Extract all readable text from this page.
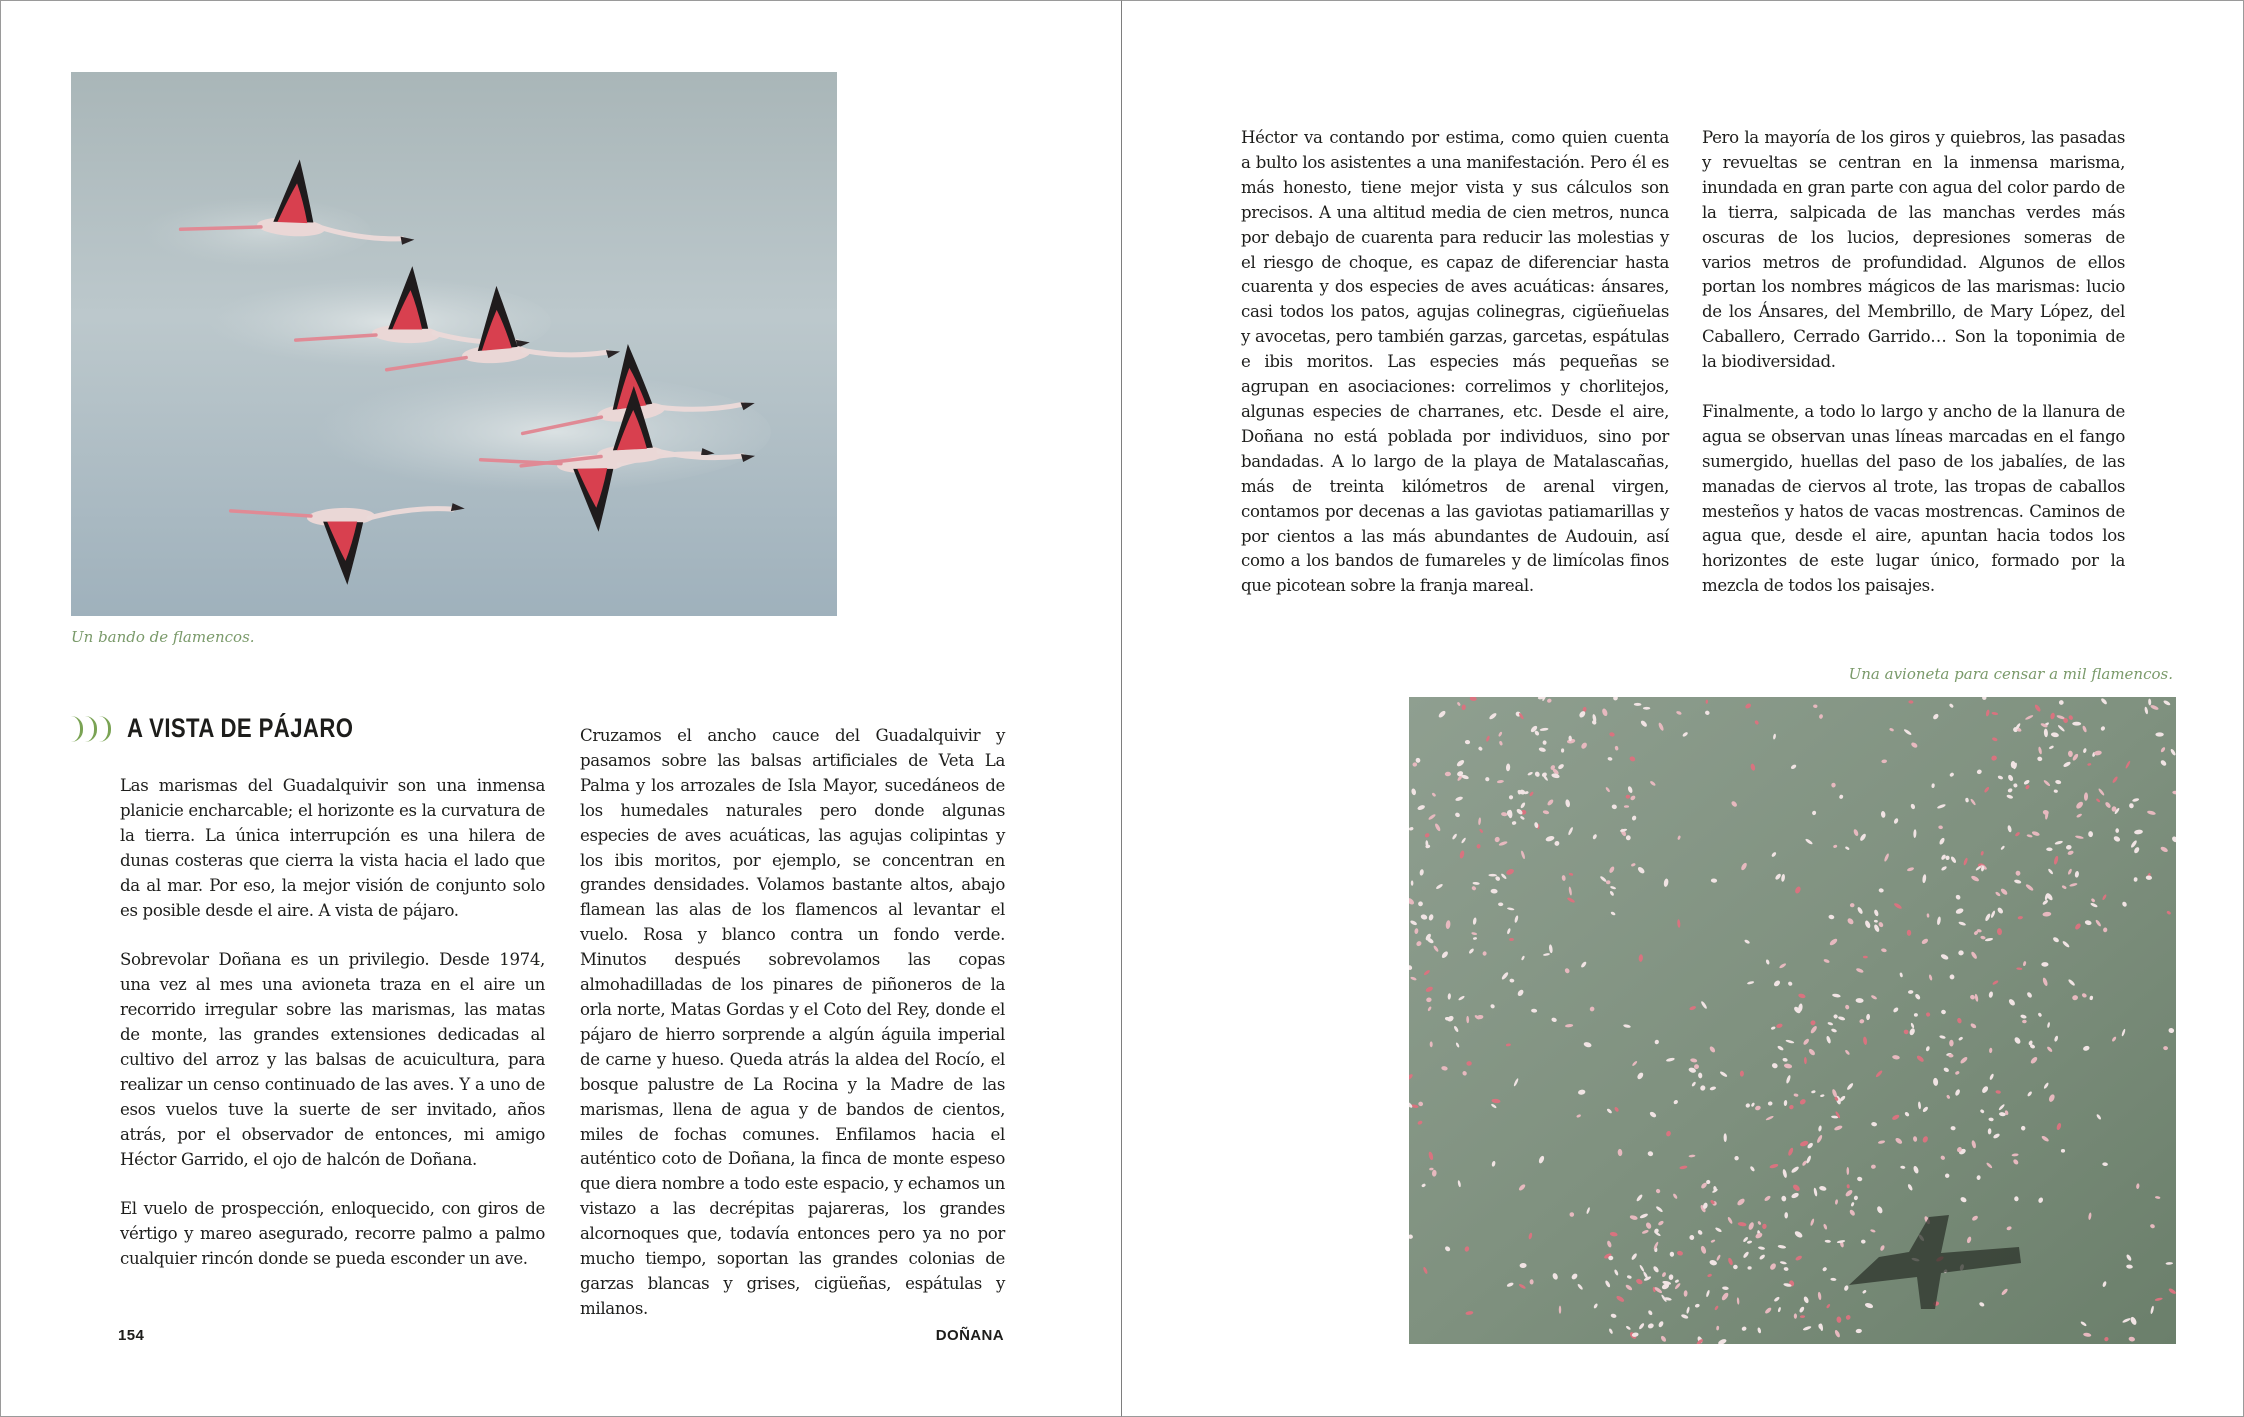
Un bando de flamencos.
A VISTA DE PÁJARO

Las marismas del Guadalquivir son una inmensa planicie encharcable; el horizonte es la curvatura de la tierra. La única interrupción es una hilera de dunas costeras que cierra la vista hacia el lado que da al mar. Por eso, la mejor visión de conjunto solo es posible desde el aire. A vista de pájaro.

Sobrevolar Doñana es un privilegio. Desde 1974, una vez al mes una avioneta traza en el aire un recorrido irregular sobre las marismas, las matas de monte, las grandes extensiones dedicadas al cultivo del arroz y las balsas de acuicultura, para realizar un censo continuado de las aves. Y a uno de esos vuelos tuve la suerte de ser invitado, años atrás, por el observador de entonces, mi amigo Héctor Garrido, el ojo de halcón de Doñana.

El vuelo de prospección, enloquecido, con giros de vértigo y mareo asegurado, recorre palmo a palmo cualquier rincón donde se pueda esconder un ave.

Cruzamos el ancho cauce del Guadalquivir y pasamos sobre las balsas artificiales de Veta La Palma y los arrozales de Isla Mayor, sucedáneos de los humedales naturales pero donde algunas especies de aves acuáticas, las agujas colipintas y los ibis moritos, por ejemplo, se concentran en grandes densidades. Volamos bastante altos, abajo flamean las alas de los flamencos al levantar el vuelo. Rosa y blanco contra un fondo verde. Minutos después sobrevolamos las copas almohadilladas de los pinares de piñoneros de la orla norte, Matas Gordas y el Coto del Rey, donde el pájaro de hierro sorprende a algún águila imperial de carne y hueso. Queda atrás la aldea del Rocío, el bosque palustre de La Rocina y la Madre de las marismas, llena de agua y de bandos de cientos, miles de fochas comunes. Enfilamos hacia el auténtico coto de Doñana, la finca de monte espeso que diera nombre a todo este espacio, y echamos un vistazo a las decrépitas pajareras, los grandes alcornoques que, todavía entonces pero ya no por mucho tiempo, soportan las grandes colonias de garzas blancas y grises, cigüeñas, espátulas y milanos.

154	DOÑANA

Héctor va contando por estima, como quien cuenta a bulto los asistentes a una manifestación. Pero él es más honesto, tiene mejor vista y sus cálculos son precisos. A una altitud media de cien metros, nunca por debajo de cuarenta para reducir las molestias y el riesgo de choque, es capaz de diferenciar hasta cuarenta y dos especies de aves acuáticas: ánsares, casi todos los patos, agujas colinegras, cigüeñuelas y avocetas, pero también garzas, garcetas, espátulas e ibis moritos. Las especies más pequeñas se agrupan en asociaciones: correlimos y chorlitejos, algunas especies de charranes, etc. Desde el aire, Doñana no está poblada por individuos, sino por bandadas. A lo largo de la playa de Matalascañas, más de treinta kilómetros de arenal virgen, contamos por decenas a las gaviotas patiamarillas y por cientos a las más abundantes de Audouin, así como a los bandos de fumareles y de limícolas finos que picotean sobre la franja mareal.

Pero la mayoría de los giros y quiebros, las pasadas y revueltas se centran en la inmensa marisma, inundada en gran parte con agua del color pardo de la tierra, salpicada de las manchas verdes más oscuras de los lucios, depresiones someras de varios metros de profundidad. Algunos de ellos portan los nombres mágicos de las marismas: lucio de los Ánsares, del Membrillo, de Mary López, del Caballero, Cerrado Garrido… Son la toponimia de la biodiversidad.

Finalmente, a todo lo largo y ancho de la llanura de agua se observan unas líneas marcadas en el fango sumergido, huellas del paso de los jabalíes, de las manadas de ciervos al trote, las tropas de caballos mesteños y hatos de vacas mostrencas. Caminos de agua que, desde el aire, apuntan hacia todos los horizontes de este lugar único, formado por la mezcla de todos los paisajes.

Una avioneta para censar a mil flamencos.
